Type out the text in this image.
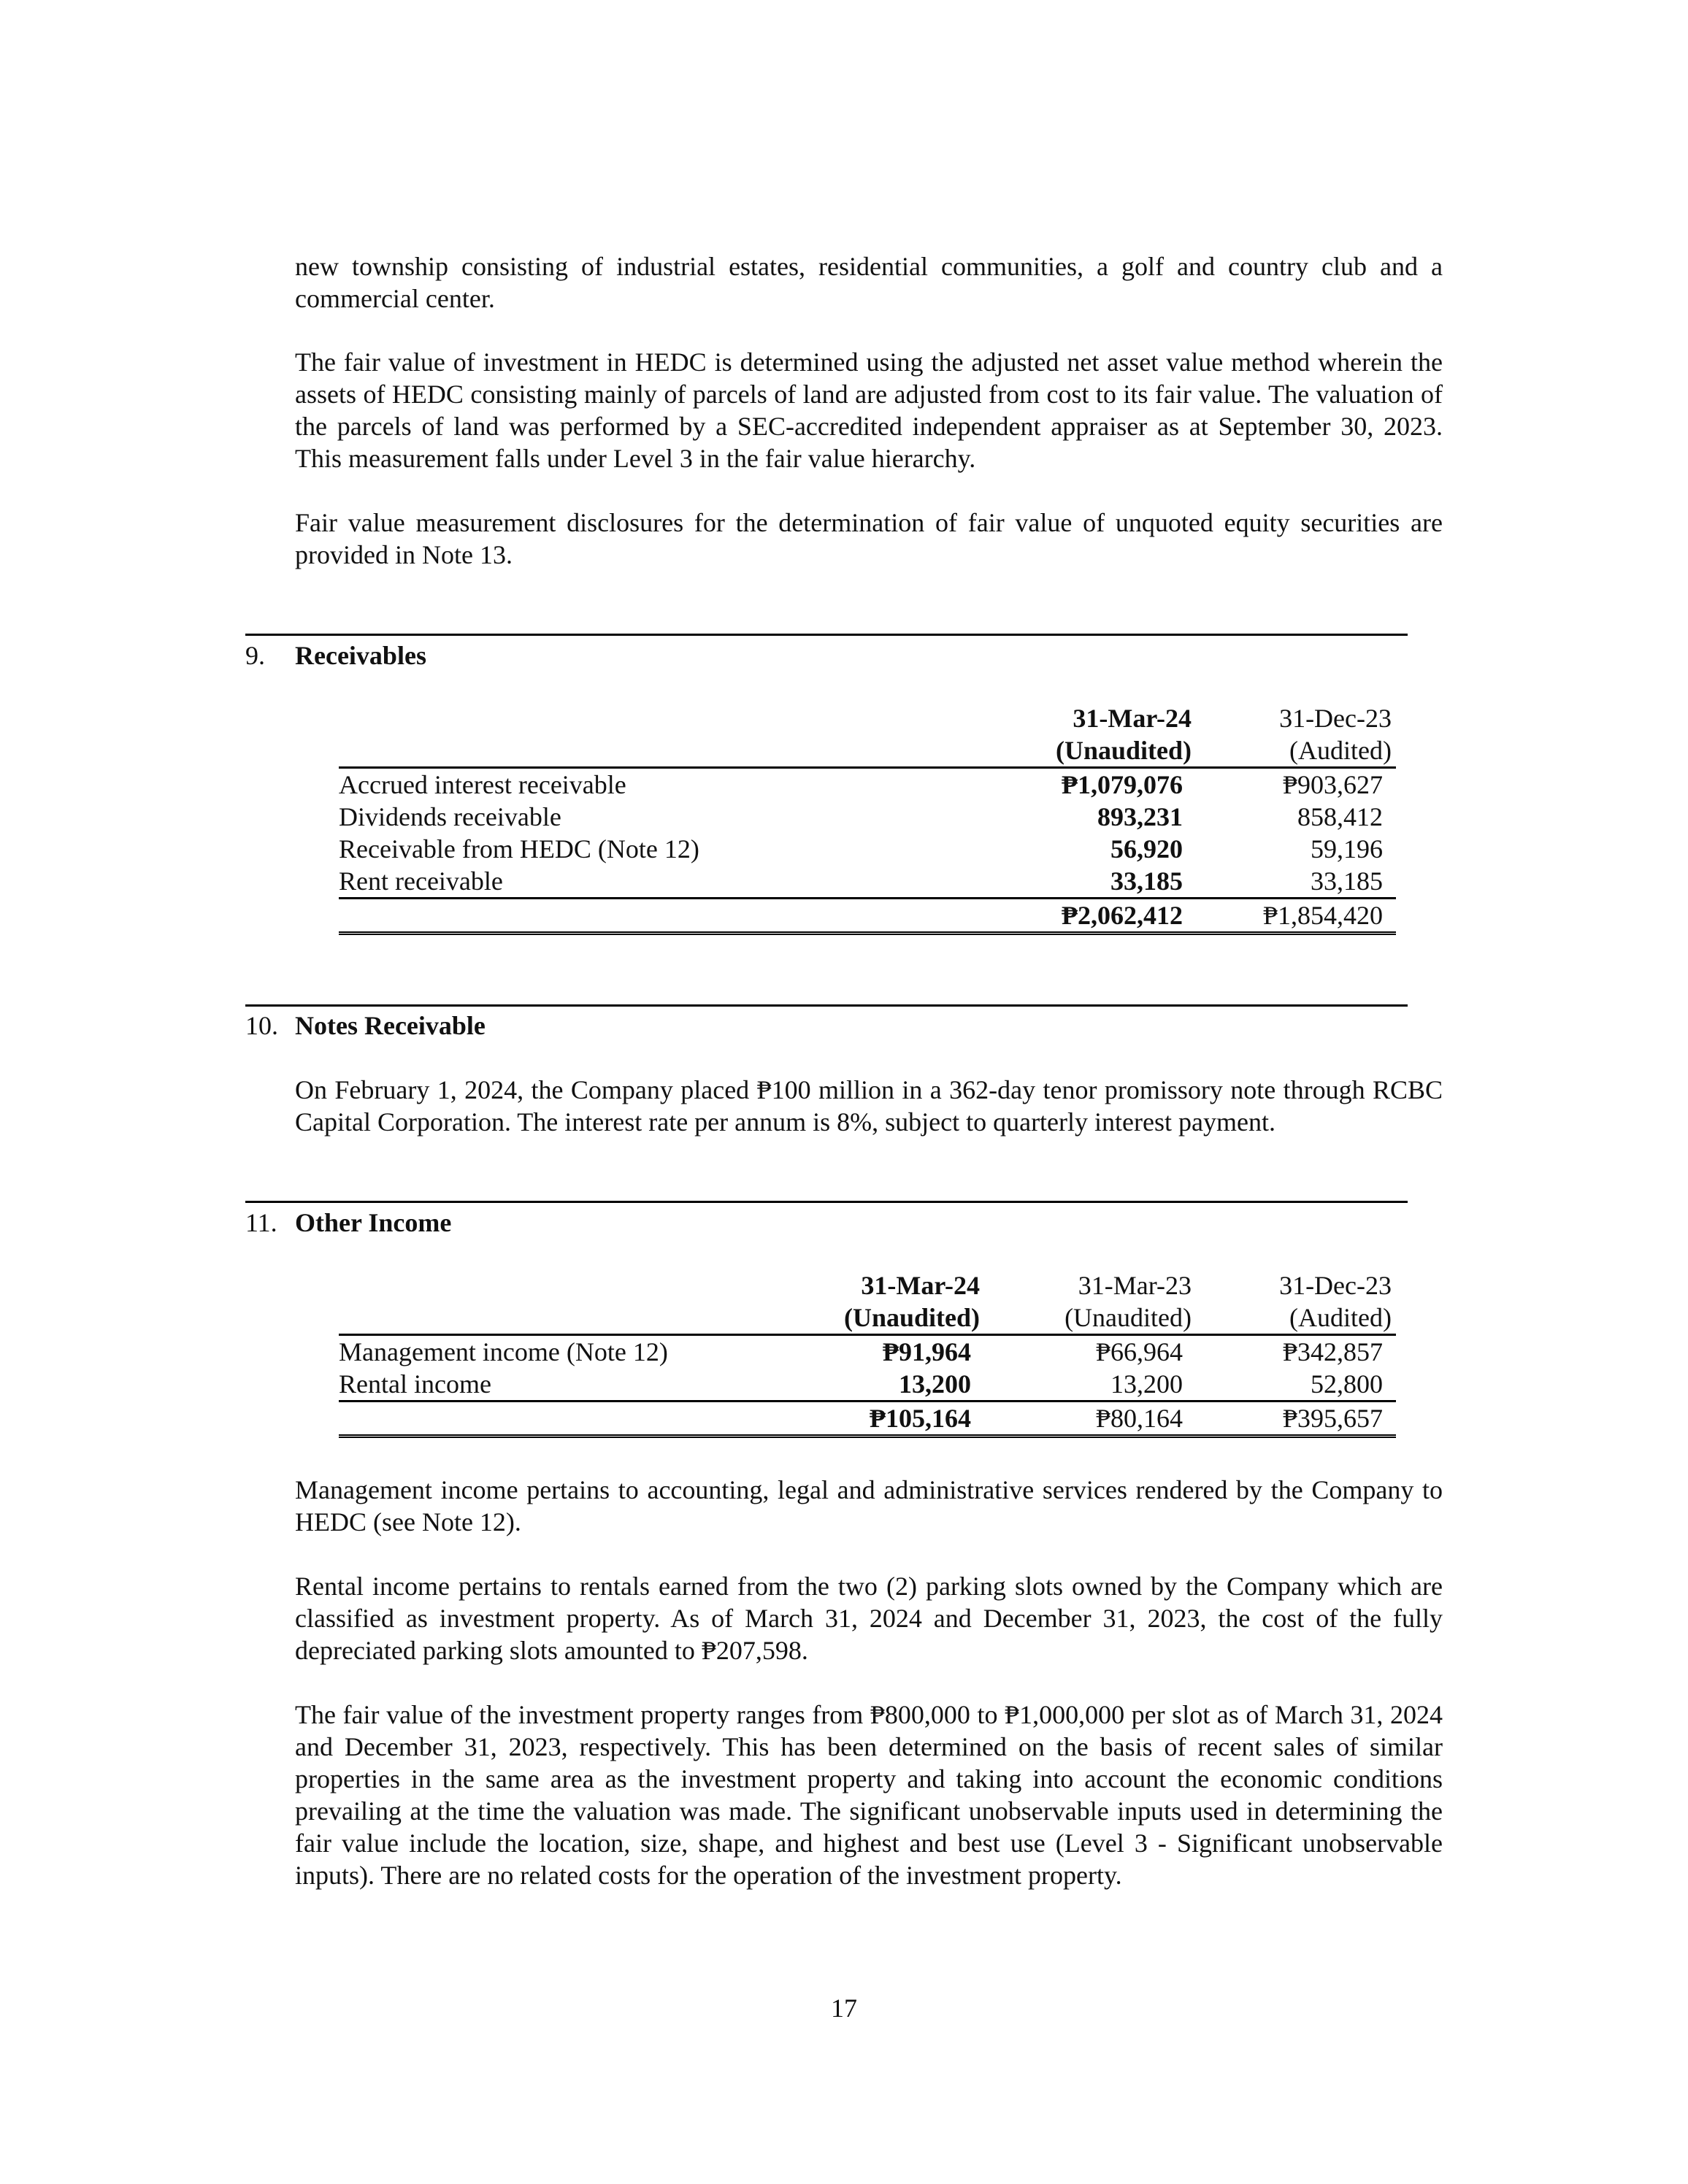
new township consisting of industrial estates, residential communities, a golf and country club and a commercial center.

The fair value of investment in HEDC is determined using the adjusted net asset value method wherein the assets of HEDC consisting mainly of parcels of land are adjusted from cost to its fair value. The valuation of the parcels of land was performed by a SEC-accredited independent appraiser as at September 30, 2023. This measurement falls under Level 3 in the fair value hierarchy.

Fair value measurement disclosures for the determination of fair value of unquoted equity securities are provided in Note 13.

9. Receivables
	31-Mar-24	31-Dec-23
	(Unaudited)	(Audited)
Accrued interest receivable	₱1,079,076	₱903,627
Dividends receivable	893,231	858,412
Receivable from HEDC (Note 12)	56,920	59,196
Rent receivable	33,185	33,185
	₱2,062,412	₱1,854,420
10. Notes Receivable

On February 1, 2024, the Company placed ₱100 million in a 362-day tenor promissory note through RCBC Capital Corporation. The interest rate per annum is 8%, subject to quarterly interest payment.

11. Other Income
	31-Mar-24	31-Mar-23	31-Dec-23
	(Unaudited)	(Unaudited)	(Audited)
Management income (Note 12)	₱91,964	₱66,964	₱342,857
Rental income	13,200	13,200	52,800
	₱105,164	₱80,164	₱395,657

Management income pertains to accounting, legal and administrative services rendered by the Company to HEDC (see Note 12).

Rental income pertains to rentals earned from the two (2) parking slots owned by the Company which are classified as investment property. As of March 31, 2024 and December 31, 2023, the cost of the fully depreciated parking slots amounted to ₱207,598.

The fair value of the investment property ranges from ₱800,000 to ₱1,000,000 per slot as of March 31, 2024 and December 31, 2023, respectively. This has been determined on the basis of recent sales of similar properties in the same area as the investment property and taking into account the economic conditions prevailing at the time the valuation was made. The significant unobservable inputs used in determining the fair value include the location, size, shape, and highest and best use (Level 3 - Significant unobservable inputs). There are no related costs for the operation of the investment property.

17
